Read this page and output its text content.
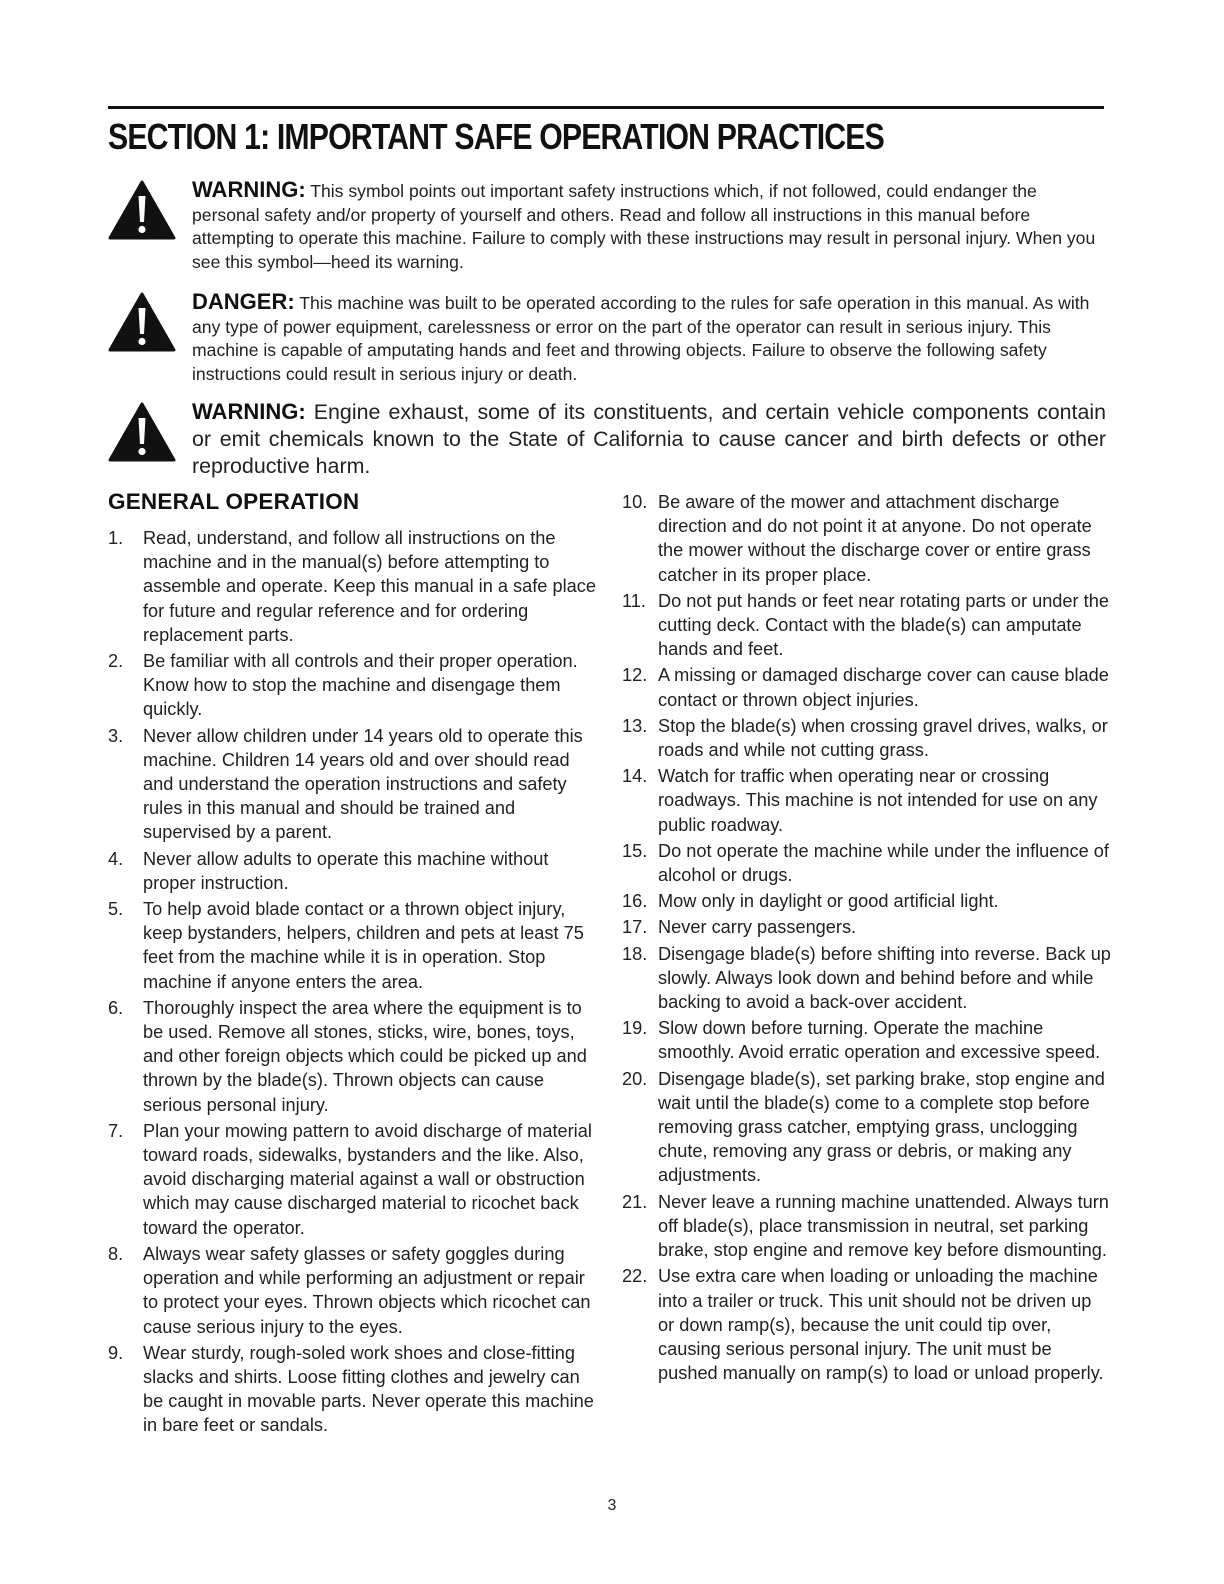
SECTION 1: IMPORTANT SAFE OPERATION PRACTICES
WARNING: This symbol points out important safety instructions which, if not followed, could endanger the personal safety and/or property of yourself and others. Read and follow all instructions in this manual before attempting to operate this machine. Failure to comply with these instructions may result in personal injury. When you see this symbol—heed its warning.
DANGER: This machine was built to be operated according to the rules for safe operation in this manual. As with any type of power equipment, carelessness or error on the part of the operator can result in serious injury. This machine is capable of amputating hands and feet and throwing objects. Failure to observe the following safety instructions could result in serious injury or death.
WARNING: Engine exhaust, some of its constituents, and certain vehicle components contain or emit chemicals known to the State of California to cause cancer and birth defects or other reproductive harm.
GENERAL OPERATION
1. Read, understand, and follow all instructions on the machine and in the manual(s) before attempting to assemble and operate. Keep this manual in a safe place for future and regular reference and for ordering replacement parts.
2. Be familiar with all controls and their proper operation. Know how to stop the machine and disengage them quickly.
3. Never allow children under 14 years old to operate this machine. Children 14 years old and over should read and understand the operation instructions and safety rules in this manual and should be trained and supervised by a parent.
4. Never allow adults to operate this machine without proper instruction.
5. To help avoid blade contact or a thrown object injury, keep bystanders, helpers, children and pets at least 75 feet from the machine while it is in operation. Stop machine if anyone enters the area.
6. Thoroughly inspect the area where the equipment is to be used. Remove all stones, sticks, wire, bones, toys, and other foreign objects which could be picked up and thrown by the blade(s). Thrown objects can cause serious personal injury.
7. Plan your mowing pattern to avoid discharge of material toward roads, sidewalks, bystanders and the like. Also, avoid discharging material against a wall or obstruction which may cause discharged material to ricochet back toward the operator.
8. Always wear safety glasses or safety goggles during operation and while performing an adjustment or repair to protect your eyes. Thrown objects which ricochet can cause serious injury to the eyes.
9. Wear sturdy, rough-soled work shoes and close-fitting slacks and shirts. Loose fitting clothes and jewelry can be caught in movable parts. Never operate this machine in bare feet or sandals.
10. Be aware of the mower and attachment discharge direction and do not point it at anyone. Do not operate the mower without the discharge cover or entire grass catcher in its proper place.
11. Do not put hands or feet near rotating parts or under the cutting deck. Contact with the blade(s) can amputate hands and feet.
12. A missing or damaged discharge cover can cause blade contact or thrown object injuries.
13. Stop the blade(s) when crossing gravel drives, walks, or roads and while not cutting grass.
14. Watch for traffic when operating near or crossing roadways. This machine is not intended for use on any public roadway.
15. Do not operate the machine while under the influence of alcohol or drugs.
16. Mow only in daylight or good artificial light.
17. Never carry passengers.
18. Disengage blade(s) before shifting into reverse. Back up slowly. Always look down and behind before and while backing to avoid a back-over accident.
19. Slow down before turning. Operate the machine smoothly. Avoid erratic operation and excessive speed.
20. Disengage blade(s), set parking brake, stop engine and wait until the blade(s) come to a complete stop before removing grass catcher, emptying grass, unclogging chute, removing any grass or debris, or making any adjustments.
21. Never leave a running machine unattended. Always turn off blade(s), place transmission in neutral, set parking brake, stop engine and remove key before dismounting.
22. Use extra care when loading or unloading the machine into a trailer or truck. This unit should not be driven up or down ramp(s), because the unit could tip over, causing serious personal injury. The unit must be pushed manually on ramp(s) to load or unload properly.
3
